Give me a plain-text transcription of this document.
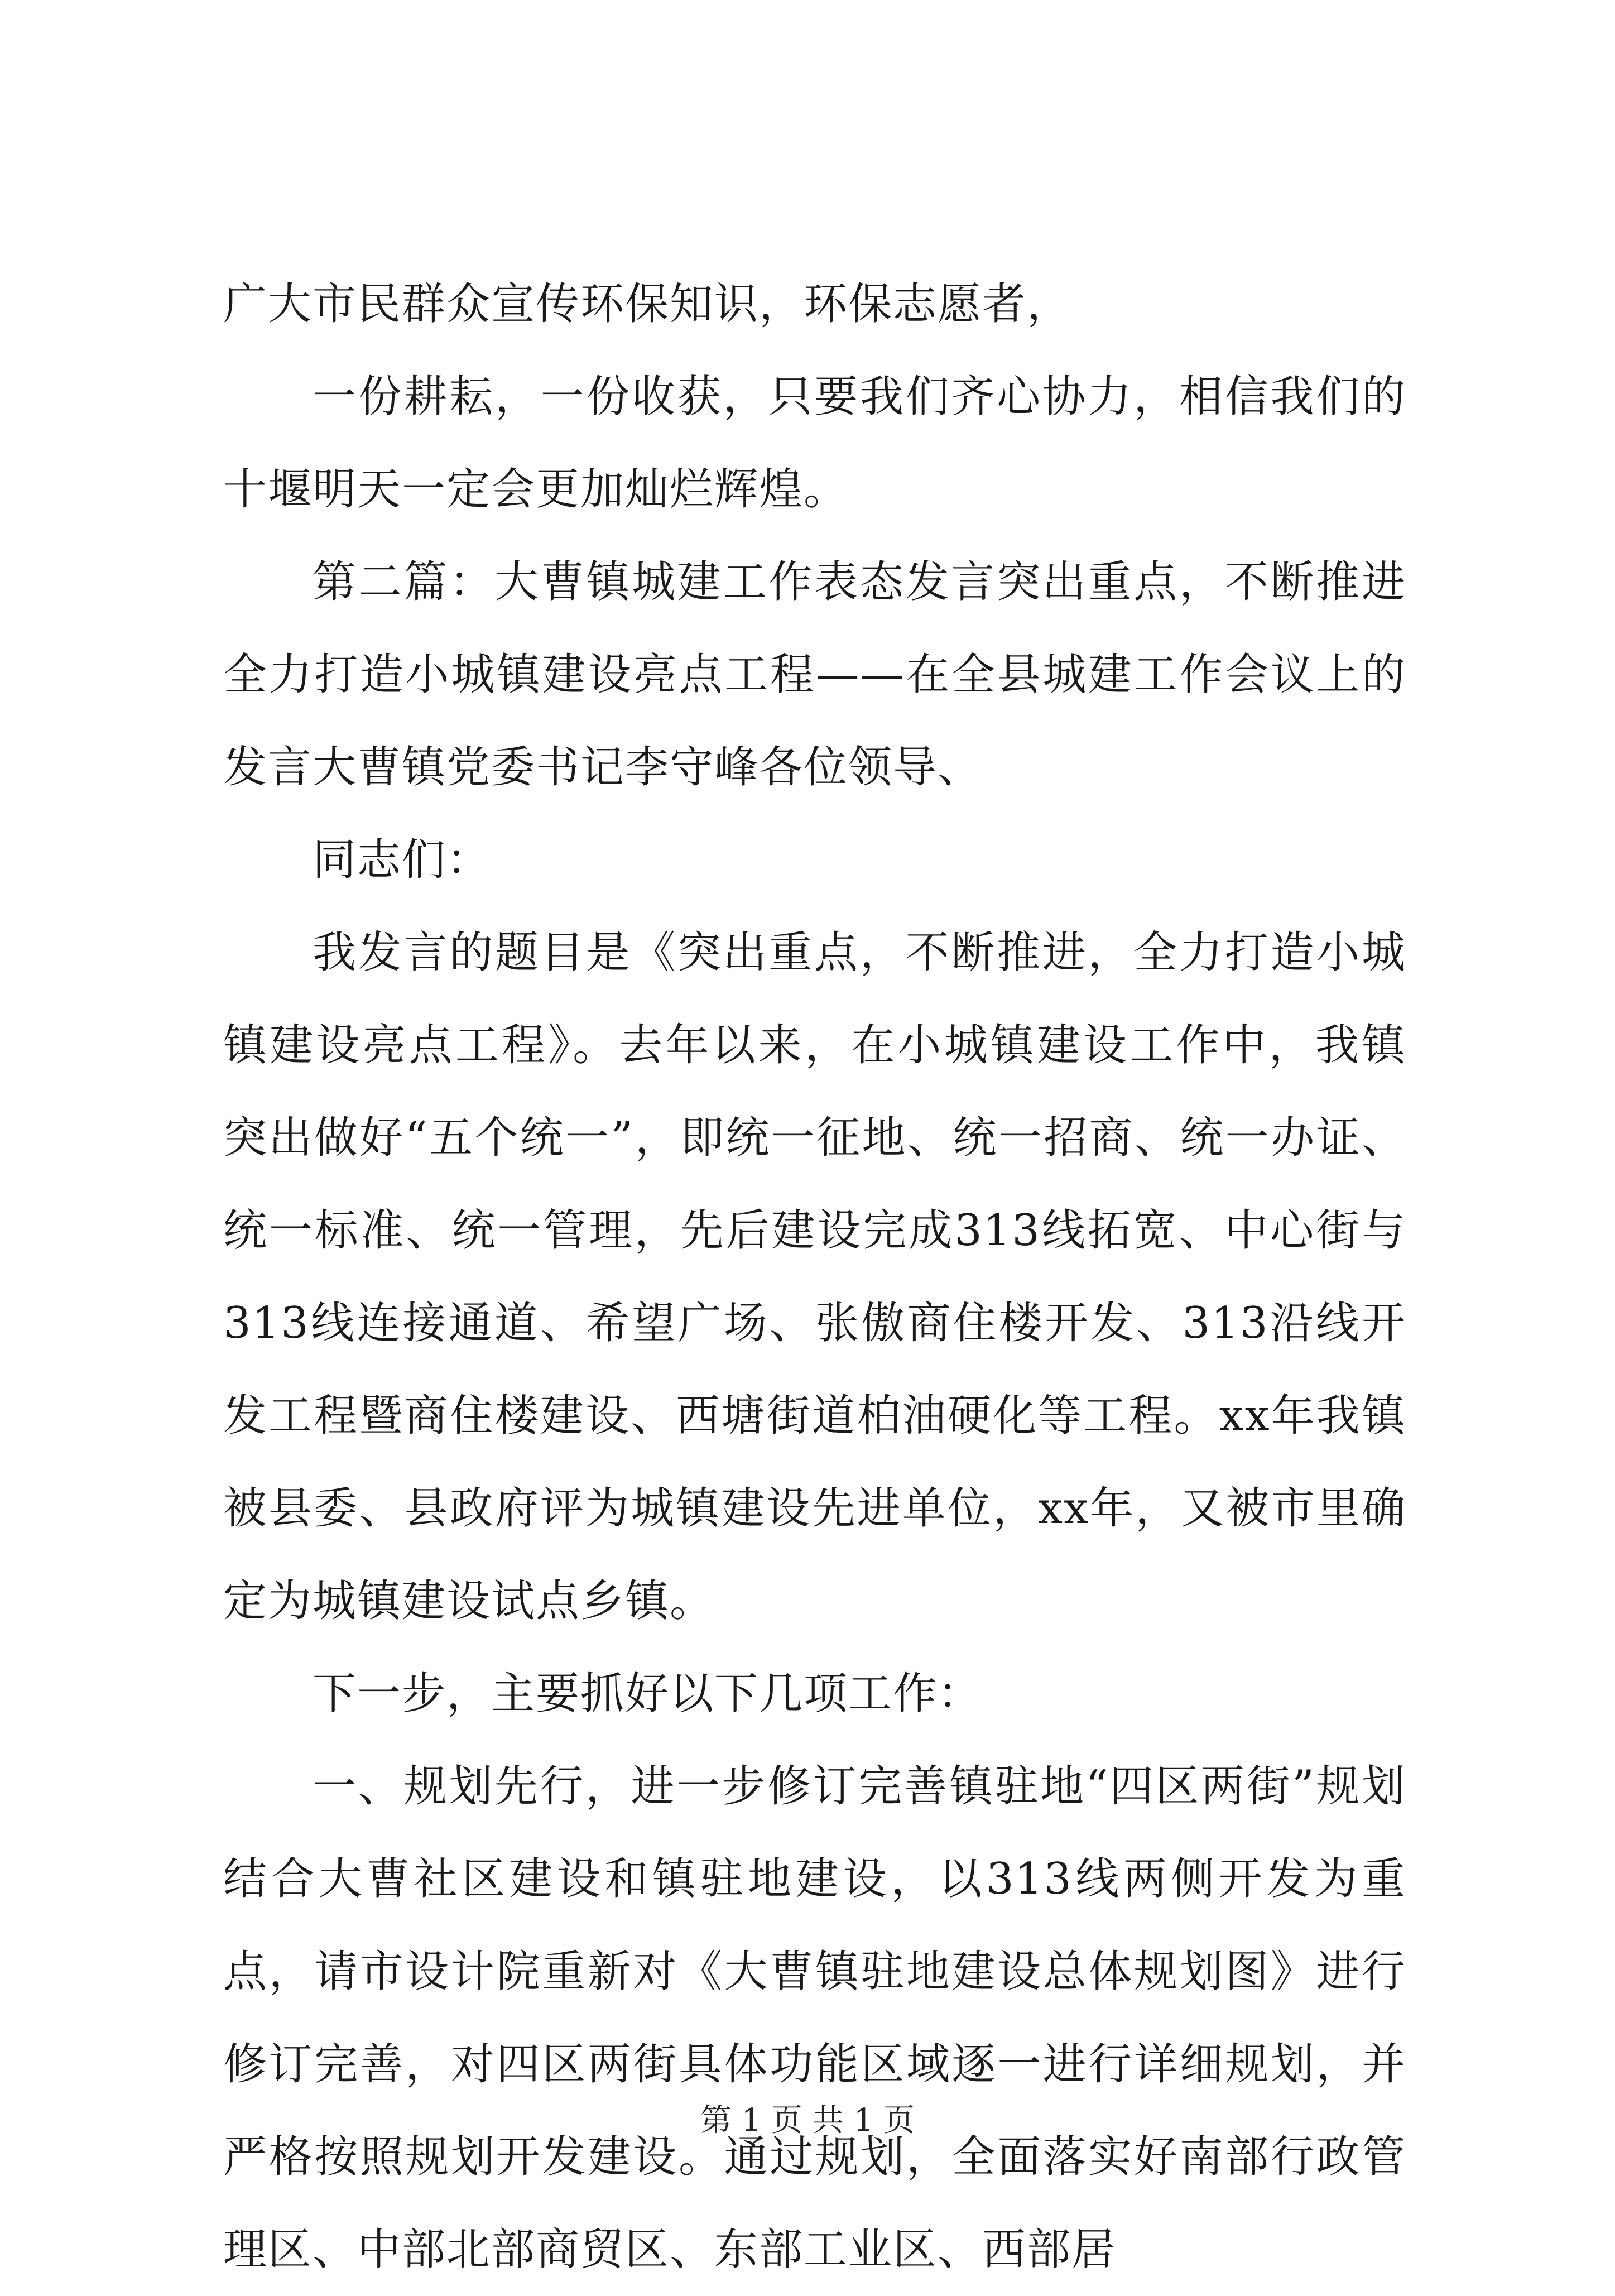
广大市民群众宣传环保知识，环保志愿者，

一份耕耘，一份收获，只要我们齐心协力，相信我们的十堰明天一定会更加灿烂辉煌。

第二篇：大曹镇城建工作表态发言突出重点，不断推进全力打造小城镇建设亮点工程——在全县城建工作会议上的发言大曹镇党委书记李守峰各位领导、

同志们：

我发言的题目是《突出重点，不断推进，全力打造小城镇建设亮点工程》。去年以来，在小城镇建设工作中，我镇突出做好“五个统一”，即统一征地、统一招商、统一办证、统一标准、统一管理，先后建设完成313线拓宽、中心街与313线连接通道、希望广场、张傲商住楼开发、313沿线开发工程暨商住楼建设、西塘街道柏油硬化等工程。xx年我镇被县委、县政府评为城镇建设先进单位，xx年，又被市里确定为城镇建设试点乡镇。

下一步，主要抓好以下几项工作：

一、规划先行，进一步修订完善镇驻地“四区两街”规划结合大曹社区建设和镇驻地建设，以313线两侧开发为重点，请市设计院重新对《大曹镇驻地建设总体规划图》进行修订完善，对四区两街具体功能区域逐一进行详细规划，并严格按照规划开发建设。通过规划，全面落实好南部行政管理区、中部北部商贸区、东部工业区、西部居

第 1 页 共 1 页
